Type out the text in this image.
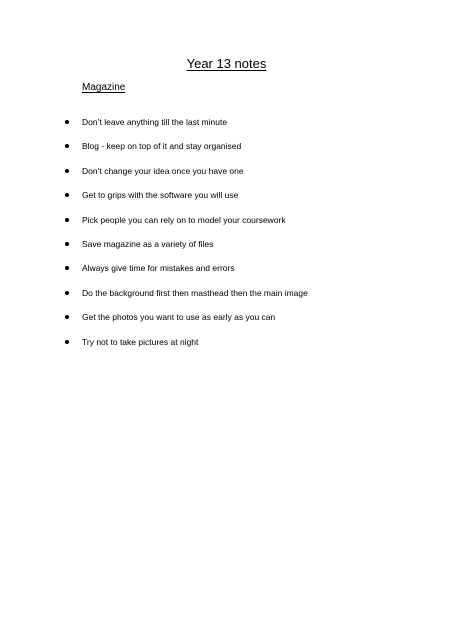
Year 13 notes
Magazine
Don’t leave anything till the last minute
Blog - keep on top of it and stay organised
Don’t change your idea once you have one
Get to grips with the software you will use
Pick people you can rely on to model your coursework
Save magazine as a variety of files
Always give time for mistakes and errors
Do the background first then masthead then the main image
Get the photos you want to use as early as you can
Try not to take pictures at night
